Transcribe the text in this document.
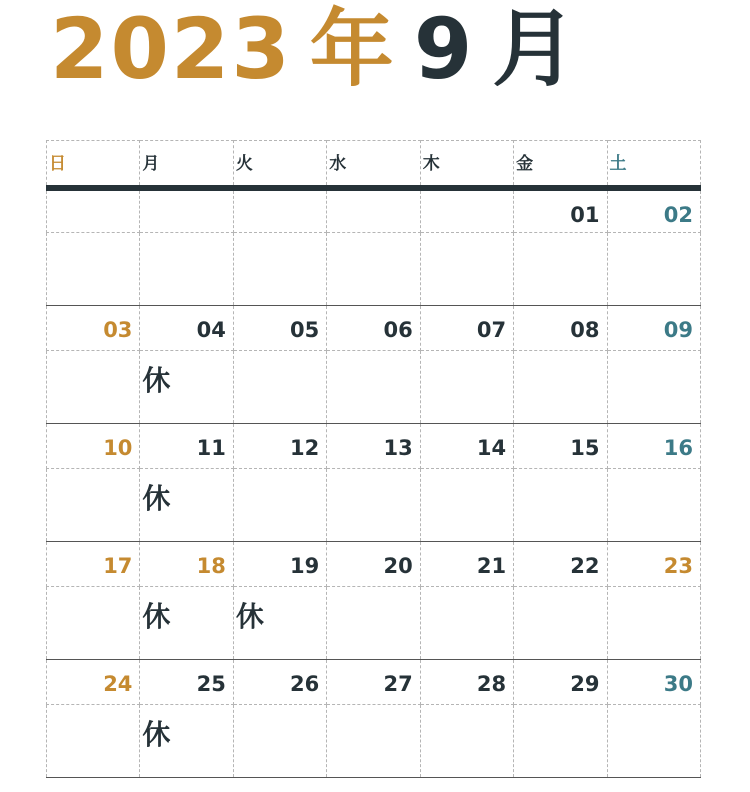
2023 年 9 月
日	月	火	水	木	金	土
					01	02

03	04	05	06	07	08	09
	休					
10	11	12	13	14	15	16
	休					
17	18	19	20	21	22	23
	休	休				
24	25	26	27	28	29	30
	休					
